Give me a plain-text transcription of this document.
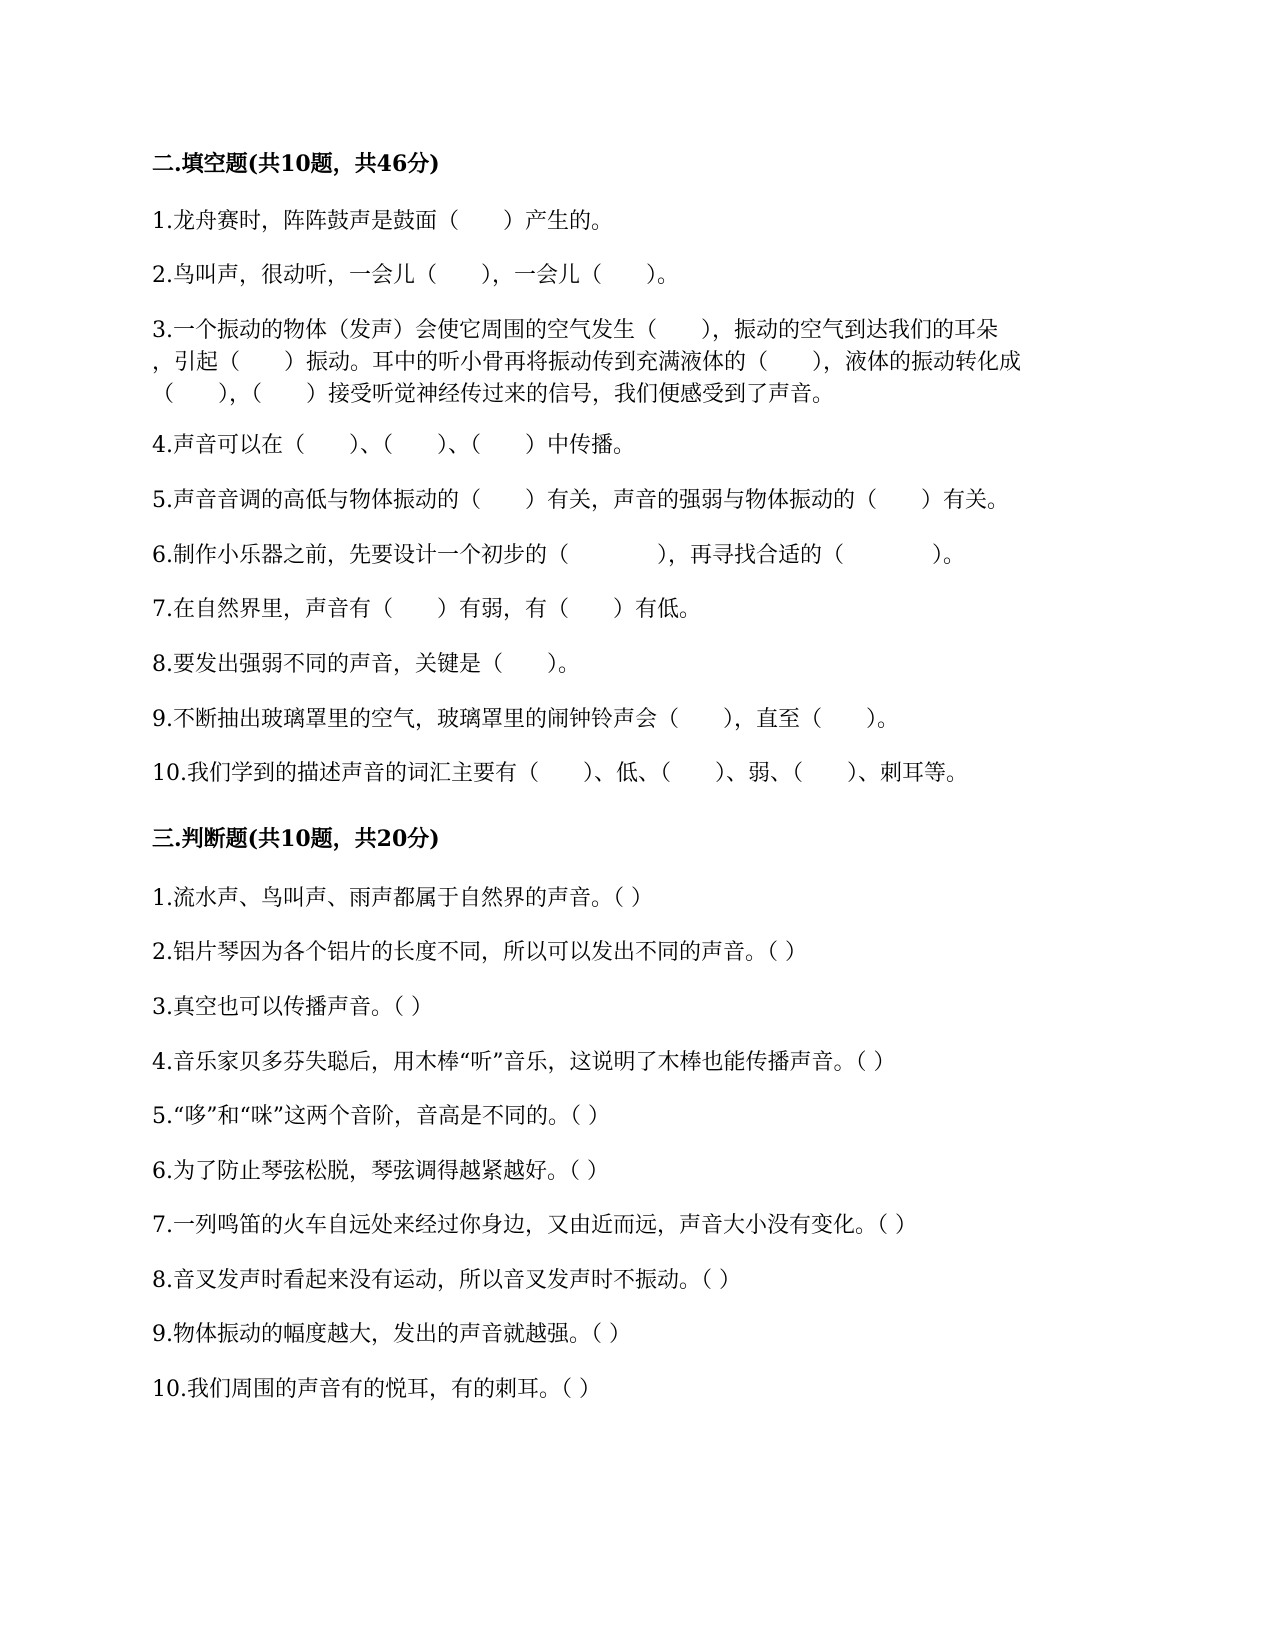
二.填空题(共10题，共46分)
1.龙舟赛时，阵阵鼓声是鼓面（　　）产生的。
2.鸟叫声，很动听，一会儿（　　），一会儿（　　）。
3.一个振动的物体（发声）会使它周围的空气发生（　　），振动的空气到达我们的耳朵
，引起（　　）振动。耳中的听小骨再将振动传到充满液体的（　　），液体的振动转化成
（　　），（　　）接受听觉神经传过来的信号，我们便感受到了声音。
4.声音可以在（　　）、（　　）、（　　）中传播。
5.声音音调的高低与物体振动的（　　）有关，声音的强弱与物体振动的（　　）有关。
6.制作小乐器之前，先要设计一个初步的（　　　　），再寻找合适的（　　　　）。
7.在自然界里，声音有（　　）有弱，有（　　）有低。
8.要发出强弱不同的声音，关键是（　　）。
9.不断抽出玻璃罩里的空气，玻璃罩里的闹钟铃声会（　　），直至（　　）。
10.我们学到的描述声音的词汇主要有（　　）、低、（　　）、弱、（　　）、刺耳等。
三.判断题(共10题，共20分)
1.流水声、鸟叫声、雨声都属于自然界的声音。（ ）
2.铝片琴因为各个铝片的长度不同，所以可以发出不同的声音。（ ）
3.真空也可以传播声音。（ ）
4.音乐家贝多芬失聪后，用木棒“听”音乐，这说明了木棒也能传播声音。（ ）
5.“哆”和“咪”这两个音阶，音高是不同的。（ ）
6.为了防止琴弦松脱，琴弦调得越紧越好。（ ）
7.一列鸣笛的火车自远处来经过你身边，又由近而远，声音大小没有变化。（ ）
8.音叉发声时看起来没有运动，所以音叉发声时不振动。（ ）
9.物体振动的幅度越大，发出的声音就越强。（ ）
10.我们周围的声音有的悦耳，有的刺耳。（ ）
